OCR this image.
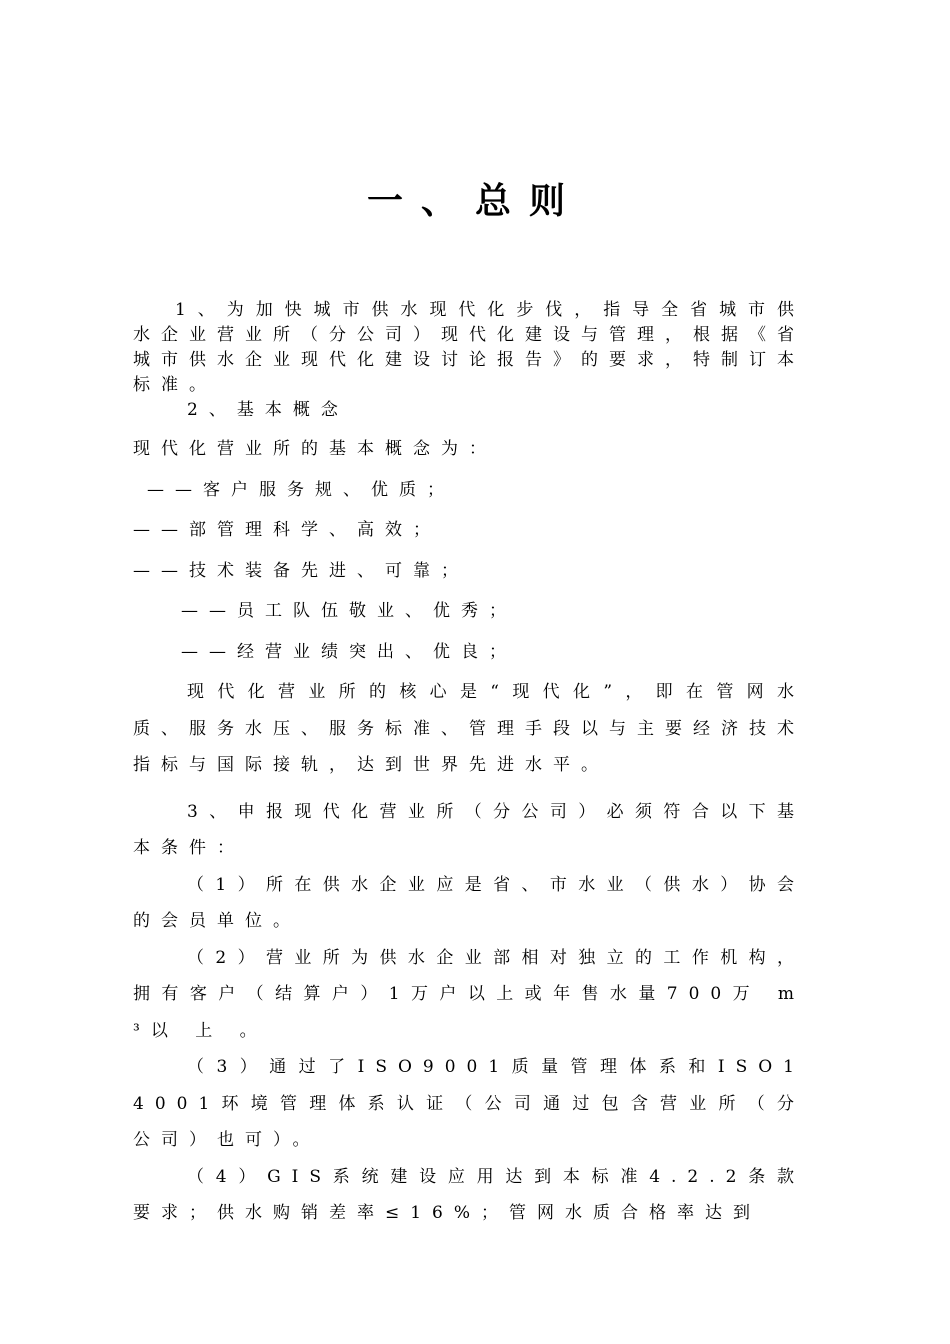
一、总则

1、为加快城市供水现代化步伐，指导全省城市供水企业营业所（分公司）现代化建设与管理，根据《省城市供水企业现代化建设讨论报告》的要求，特制订本标准。

2、基本概念

现代化营业所的基本概念为：

——客户服务规、优质；

——部管理科学、高效；

——技术装备先进、可靠；

——员工队伍敬业、优秀；

——经营业绩突出、优良；

现代化营业所的核心是“现代化”，即在管网水质、服务水压、服务标准、管理手段以与主要经济技术指标与国际接轨，达到世界先进水平。

3、申报现代化营业所（分公司）必须符合以下基本条件：

（1）所在供水企业应是省、市水业（供水）协会的会员单位。

（2）营业所为供水企业部相对独立的工作机构，拥有客户（结算户）1万户以上或年售水量700万 m³以 上 。

（3）通过了ISO9001质量管理体系和ISO14001环境管理体系认证（公司通过包含营业所（分公司）也可）。

（4）GIS系统建设应用达到本标准4.2.2条款要求；供水购销差率≤16%；管网水质合格率达到
